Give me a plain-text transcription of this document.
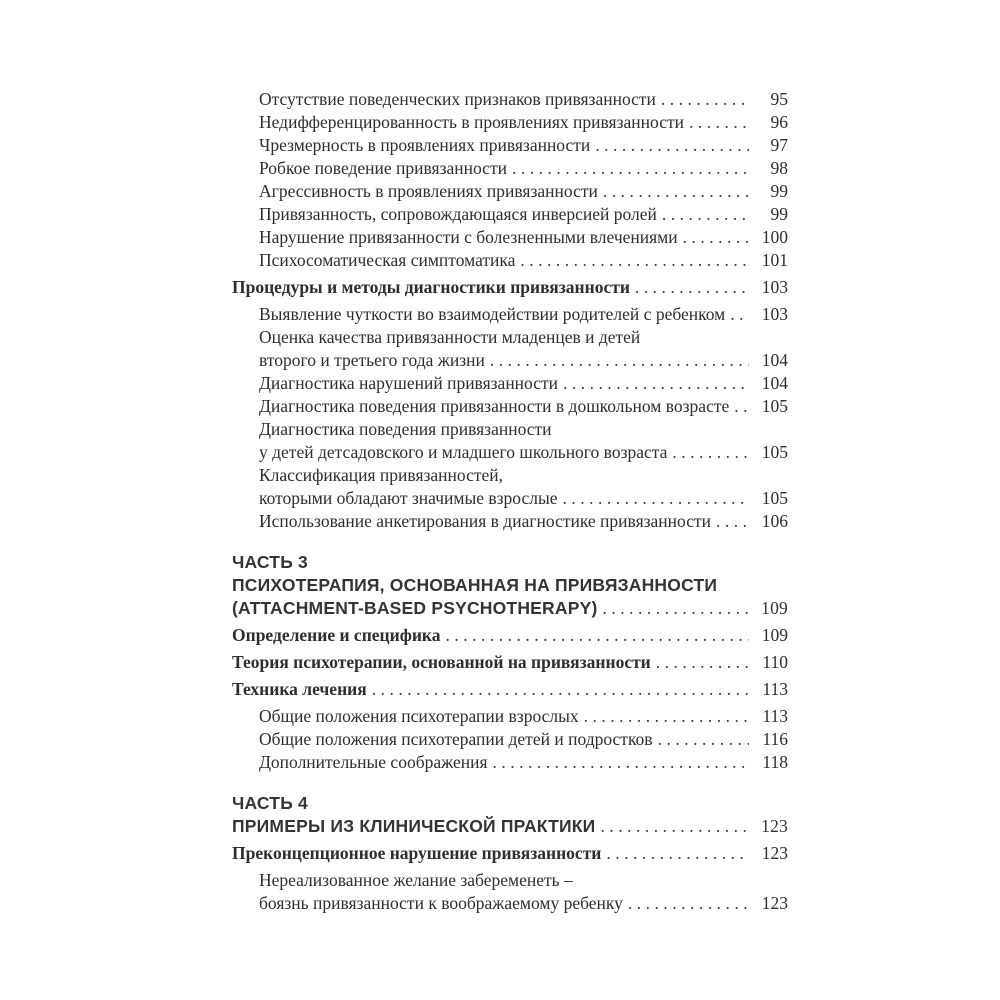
Отсутствие поведенческих признаков привязанности .....	95
Недифференцированность в проявлениях привязанности .....	96
Чрезмерность в проявлениях привязанности .....	97
Робкое поведение привязанности .....	98
Агрессивность в проявлениях привязанности .....	99
Привязанность, сопровождающаяся инверсией ролей .....	99
Нарушение привязанности с болезненными влечениями .....	100
Психосоматическая симптоматика .....	101
Процедуры и методы диагностики привязанности .....	103
Выявление чуткости во взаимодействии родителей с ребенком ..... 103
Оценка качества привязанности младенцев и детей
второго и третьего года жизни .....	104
Диагностика нарушений привязанности .....	104
Диагностика поведения привязанности в дошкольном возрасте ..... 105
Диагностика поведения привязанности
у детей детсадовского и младшего школьного возраста .....	105
Классификация привязанностей,
которыми обладают значимые взрослые .....	105
Использование анкетирования в диагностике привязанности .....	106
ЧАСТЬ 3
ПСИХОТЕРАПИЯ, ОСНОВАННАЯ НА ПРИВЯЗАННОСТИ
(ATTACHMENT-BASED PSYCHOTHERAPY) .....	109
Определение и специфика .....	109
Теория психотерапии, основанной на привязанности .....	110
Техника лечения .....	113
Общие положения психотерапии взрослых .....	113
Общие положения психотерапии детей и подростков .....	116
Дополнительные соображения .....	118
ЧАСТЬ 4
ПРИМЕРЫ ИЗ КЛИНИЧЕСКОЙ ПРАКТИКИ .....	123
Преконцепционное нарушение привязанности .....	123
Нереализованное желание забеременеть –
боязнь привязанности к воображаемому ребенку .....	123
